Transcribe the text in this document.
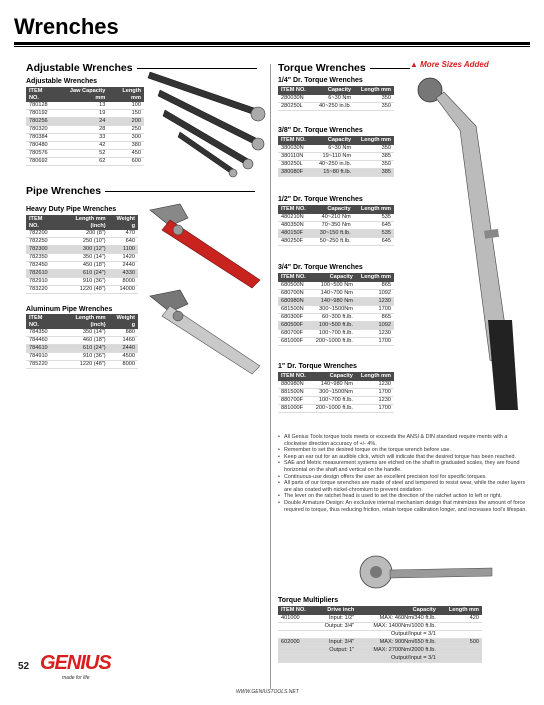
Wrenches
▲ More Sizes Added
Adjustable Wrenches
Adjustable Wrenches
ITEM NO.	Jaw Capacity mm	Length mm
780128	13	100
780192	19	150
780256	24	200
780320	28	250
780384	33	300
780480	42	380
780576	52	450
780692	62	600
Pipe Wrenches
Heavy Duty Pipe Wrenches
ITEM NO.	Length mm (inch)	Weight g
782200	200 (8")	470
782250	250 (10")	640
782300	300 (12")	1100
782350	350 (14")	1420
782450	450 (18")	2440
782610	610 (24")	4330
782910	910 (36")	8000
783220	1220 (48")	14000
Aluminum Pipe Wrenches
ITEM NO.	Length mm (inch)	Weight g
784350	350 (14")	880
784460	460 (18")	1460
784610	610 (24")	2440
784910	910 (36")	4500
785220	1220 (48")	8000
Torque Wrenches
1/4" Dr. Torque Wrenches
ITEM NO.	Capacity	Length mm
280030N	6~30 Nm	350
280250L	40~250 in.lb.	350
3/8" Dr. Torque Wrenches
ITEM NO.	Capacity	Length mm
380030N	6~30 Nm	350
380110N	19~110 Nm	385
380250L	40~250 in.lb.	350
380080F	15~80 ft.lb.	385
1/2" Dr. Torque Wrenches
ITEM NO.	Capacity	Length mm
480210N	40~210 Nm	535
480350N	70~350 Nm	645
480150F	30~150 ft.lb.	535
480250F	50~250 ft.lb.	645
3/4" Dr. Torque Wrenches
ITEM NO.	Capacity	Length mm
680500N	100~500 Nm	865
680700N	140~700 Nm	1092
680980N	140~980 Nm	1230
681500N	300~1500Nm	1700
680300F	60~300 ft.lb.	865
680500F	100~500 ft.lb.	1092
680700F	100~700 ft.lb.	1230
681000F	200~1000 ft.lb.	1700
1" Dr. Torque Wrenches
ITEM NO.	Capacity	Length mm
880980N	140~980 Nm	1230
881500N	300~1500Nm	1700
880700F	100~700 ft.lb.	1230
881000F	200~1000 ft.lb.	1700
• All Genius Tools torque tools meets or exceeds the ANSI & DIN standard require ments with a clockwise direction accuracy of +/- 4%.
• Remember to set the desired torque on the torque wrench before use.
• Keep an ear out for an audible click, which will indicate that the desired torque has been reached.
• SAE and Metric measurement systems are etched on the shaft in graduated scales, they are found horizontal on the shaft and vertical on the handle.
• Continuous-use design offers the user an excellent precision tool for specific torques.
• All parts of our torque wrenches are made of steel and tempered to resist wear, while the outer layers are also coated with nickel-chromium to prevent oxidation.
• The lever on the ratchet head is used to set the direction of the ratchet action to left or right.
• Double Armature Design: An exclusive internal mechanism design that minimizes the amount of force required to torque, thus reducing friction, retain torque calibration longer, and increases tool's lifespan.
Torque Multipliers
ITEM NO.	Drive inch	Capacity	Length mm
401000	Input: 1/2"	MAX: 460Nm/340 ft.lb.	420
	Output: 3/4"	MAX: 1400Nm/1000 ft.lb.	
		Output/Input = 3/1	
602000	Input: 3/4"	MAX: 900Nm/650 ft.lb.	500
	Output: 1"	MAX: 2700Nm/2000 ft.lb.	
		Output/Input = 3/1	
52 GENIUS
made for life
WWW.GENIUSTOOLS.NET
